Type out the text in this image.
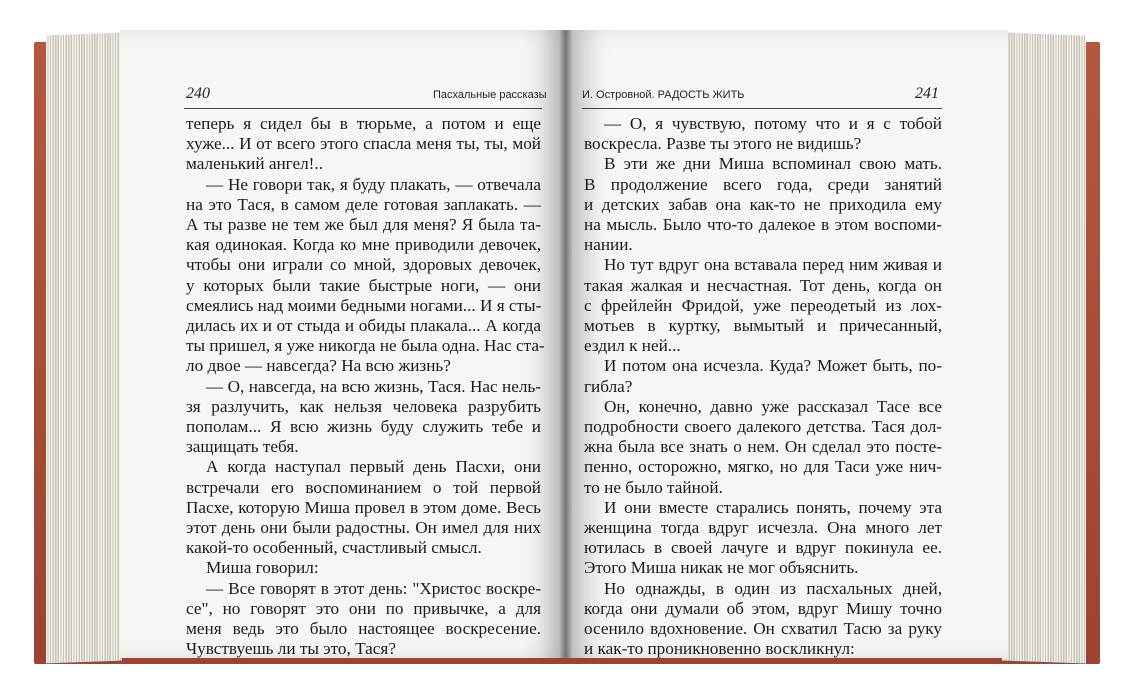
240	Пасхальные рассказы	И. Островной. РАДОСТЬ ЖИТЬ	241
теперь я сидел бы в тюрьме, а потом и еще
хуже... И от всего этого спасла меня ты, ты, мой
маленький ангел!..
— Не говори так, я буду плакать, — отвечала
на это Тася, в самом деле готовая заплакать. —
А ты разве не тем же был для меня? Я была та-
кая одинокая. Когда ко мне приводили девочек,
чтобы они играли со мной, здоровых девочек,
у которых были такие быстрые ноги, — они
смеялись над моими бедными ногами... И я сты-
дилась их и от стыда и обиды плакала... А когда
ты пришел, я уже никогда не была одна. Нас ста-
ло двое — навсегда? На всю жизнь?
— О, навсегда, на всю жизнь, Тася. Нас нель-
зя разлучить, как нельзя человека разрубить
пополам... Я всю жизнь буду служить тебе и
защищать тебя.
А когда наступал первый день Пасхи, они
встречали его воспоминанием о той первой
Пасхе, которую Миша провел в этом доме. Весь
этот день они были радостны. Он имел для них
какой-то особенный, счастливый смысл.
Миша говорил:
— Все говорят в этот день: "Христос воскре-
се", но говорят это они по привычке, а для
меня ведь это было настоящее воскресение.
Чувствуешь ли ты это, Тася?
— О, я чувствую, потому что и я с тобой
воскресла. Разве ты этого не видишь?
В эти же дни Миша вспоминал свою мать.
В продолжение всего года, среди занятий
и детских забав она как-то не приходила ему
на мысль. Было что-то далекое в этом воспоми-
нании.
Но тут вдруг она вставала перед ним живая и
такая жалкая и несчастная. Тот день, когда он
с фрейлейн Фридой, уже переодетый из лох-
мотьев в куртку, вымытый и причесанный,
ездил к ней...
И потом она исчезла. Куда? Может быть, по-
гибла?
Он, конечно, давно уже рассказал Тасе все
подробности своего далекого детства. Тася дол-
жна была все знать о нем. Он сделал это посте-
пенно, осторожно, мягко, но для Таси уже нич-
то не было тайной.
И они вместе старались понять, почему эта
женщина тогда вдруг исчезла. Она много лет
ютилась в своей лачуге и вдруг покинула ее.
Этого Миша никак не мог объяснить.
Но однажды, в один из пасхальных дней,
когда они думали об этом, вдруг Мишу точно
осенило вдохновение. Он схватил Тасю за руку
и как-то проникновенно воскликнул:
